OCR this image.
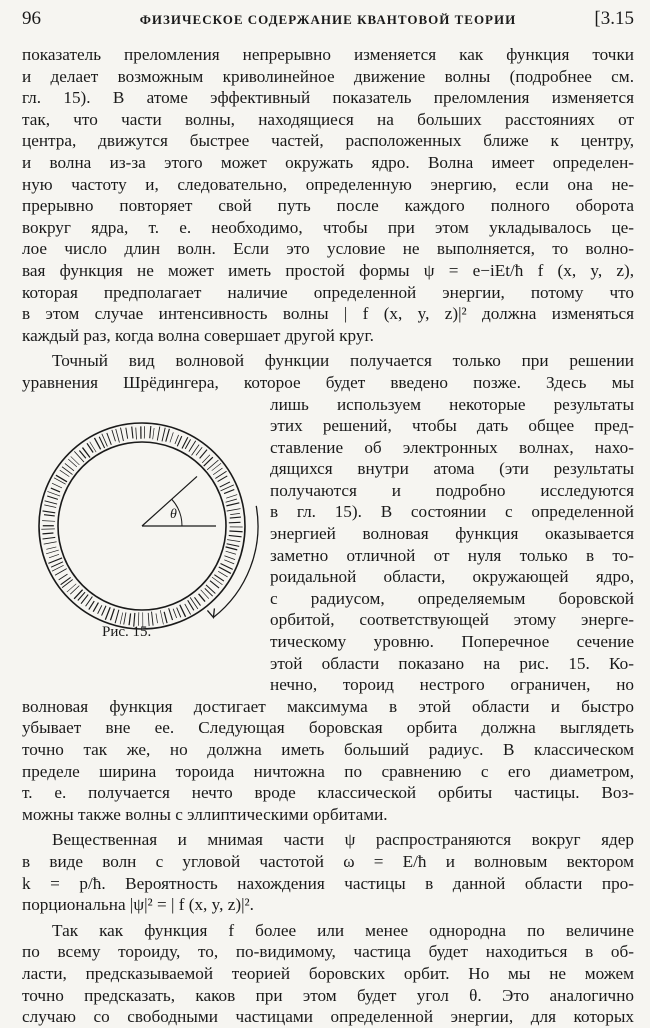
96	ФИЗИЧЕСКОЕ СОДЕРЖАНИЕ КВАНТОВОЙ ТЕОРИИ	[3.15
показатель преломления непрерывно изменяется как функция точки
и делает возможным криволинейное движение волны (подробнее см.
гл. 15). В атоме эффективный показатель преломления изменяется
так, что части волны, находящиеся на больших расстояниях от
центра, движутся быстрее частей, расположенных ближе к центру,
и волна из-за этого может окружать ядро. Волна имеет определен-
ную частоту и, следовательно, определенную энергию, если она не-
прерывно повторяет свой путь после каждого полного оборота
вокруг ядра, т. е. необходимо, чтобы при этом укладывалось це-
лое число длин волн. Если это условие не выполняется, то волно-
вая функция не может иметь простой формы ψ = e−iEt/ħ f (x, y, z),
которая предполагает наличие определенной энергии, потому что
в этом случае интенсивность волны | f (x, y, z)|² должна изменяться
каждый раз, когда волна совершает другой круг.
Точный вид волновой функции получается только при решении
уравнения Шрёдингера, которое будет введено позже. Здесь мы
лишь используем некоторые результаты
этих решений, чтобы дать общее пред-
ставление об электронных волнах, нахо-
дящихся внутри атома (эти результаты
получаются и подробно исследуются
в гл. 15). В состоянии с определенной
энергией волновая функция оказывается
заметно отличной от нуля только в то-
роидальной области, окружающей ядро,
с радиусом, определяемым боровской
орбитой, соответствующей этому энерге-
тическому уровню. Поперечное сечение
этой области показано на рис. 15. Ко-
нечно, тороид нестрого ограничен, но
волновая функция достигает максимума в этой области и быстро
убывает вне ее. Следующая боровская орбита должна выглядеть
точно так же, но должна иметь больший радиус. В классическом
пределе ширина тороида ничтожна по сравнению с его диаметром,
т. е. получается нечто вроде классической орбиты частицы. Воз-
можны также волны с эллиптическими орбитами.
Вещественная и мнимая части ψ распространяются вокруг ядер
в виде волн с угловой частотой ω = E/ħ и волновым вектором
k = p/ħ. Вероятность нахождения частицы в данной области про-
порциональна |ψ|² = | f (x, y, z)|².
Так как функция f более или менее однородна по величине
по всему тороиду, то, по-видимому, частица будет находиться в об-
ласти, предсказываемой теорией боровских орбит. Но мы не можем
точно предсказать, каков при этом будет угол θ. Это аналогично
случаю со свободными частицами определенной энергии, для которых
θ
Рис. 15.
